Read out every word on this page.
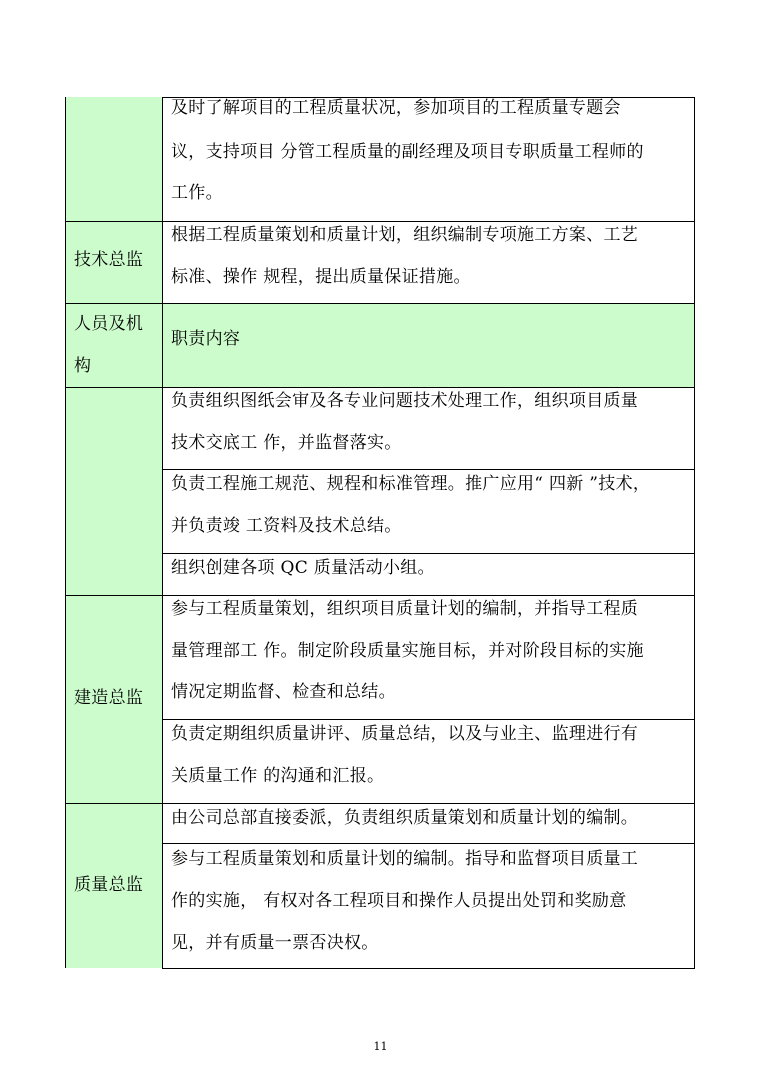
及时了解项目的工程质量状况，参加项目的工程质量专题会
议，支持项目 分管工程质量的副经理及项目专职质量工程师的
工作。
技术总监
根据工程质量策划和质量计划，组织编制专项施工方案、工艺
标准、操作 规程，提出质量保证措施。
人员及机
构
职责内容
负责组织图纸会审及各专业问题技术处理工作，组织项目质量
技术交底工 作，并监督落实。
负责工程施工规范、规程和标准管理。推广应用“ 四新 ”技术，
并负责竣 工资料及技术总结。
组织创建各项 QC 质量活动小组。
建造总监
参与工程质量策划，组织项目质量计划的编制，并指导工程质
量管理部工 作。制定阶段质量实施目标，并对阶段目标的实施
情况定期监督、检查和总结。
负责定期组织质量讲评、质量总结，以及与业主、监理进行有
关质量工作 的沟通和汇报。
质量总监
由公司总部直接委派，负责组织质量策划和质量计划的编制。
参与工程质量策划和质量计划的编制。指导和监督项目质量工
作的实施， 有权对各工程项目和操作人员提出处罚和奖励意
见，并有质量一票否决权。
11
